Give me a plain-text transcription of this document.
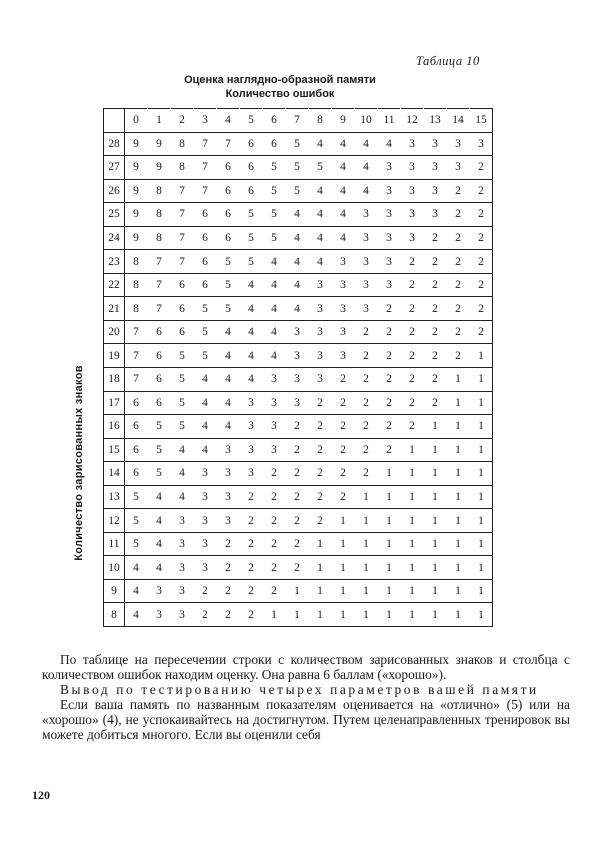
Таблица 10
Оценка наглядно-образной памяти
Количество ошибок
Количество зарисованных знаков
	0	1	2	3	4	5	6	7	8	9	10	11	12	13	14	15
28	9	9	8	7	7	6	6	5	4	4	4	4	3	3	3	3
27	9	9	8	7	6	6	5	5	5	4	4	3	3	3	3	2
26	9	8	7	7	6	6	5	5	4	4	4	3	3	3	2	2
25	9	8	7	6	6	5	5	4	4	4	3	3	3	3	2	2
24	9	8	7	6	6	5	5	4	4	4	3	3	3	2	2	2
23	8	7	7	6	5	5	4	4	4	3	3	3	2	2	2	2
22	8	7	6	6	5	4	4	4	3	3	3	3	2	2	2	2
21	8	7	6	5	5	4	4	4	3	3	3	2	2	2	2	2
20	7	6	6	5	4	4	4	3	3	3	2	2	2	2	2	2
19	7	6	5	5	4	4	4	3	3	3	2	2	2	2	2	1
18	7	6	5	4	4	4	3	3	3	2	2	2	2	2	1	1
17	6	6	5	4	4	3	3	3	2	2	2	2	2	2	1	1
16	6	5	5	4	4	3	3	2	2	2	2	2	2	1	1	1
15	6	5	4	4	3	3	3	2	2	2	2	2	1	1	1	1
14	6	5	4	3	3	3	2	2	2	2	2	1	1	1	1	1
13	5	4	4	3	3	2	2	2	2	2	1	1	1	1	1	1
12	5	4	3	3	3	2	2	2	2	1	1	1	1	1	1	1
11	5	4	3	3	2	2	2	2	1	1	1	1	1	1	1	1
10	4	4	3	3	2	2	2	2	1	1	1	1	1	1	1	1
9	4	3	3	2	2	2	2	1	1	1	1	1	1	1	1	1
8	4	3	3	2	2	2	1	1	1	1	1	1	1	1	1	1

По таблице на пересечении строки с количеством зарисованных знаков и столбца с количеством ошибок находим оценку. Она равна 6 баллам («хорошо»).

Вывод по тестированию четырех параметров вашей памяти

Если ваша память по названным показателям оценивается на «отлично» (5) или на «хорошо» (4), не успокаивайтесь на достигнутом. Путем целенаправленных тренировок вы можете добиться многого. Если вы оценили себя

120
